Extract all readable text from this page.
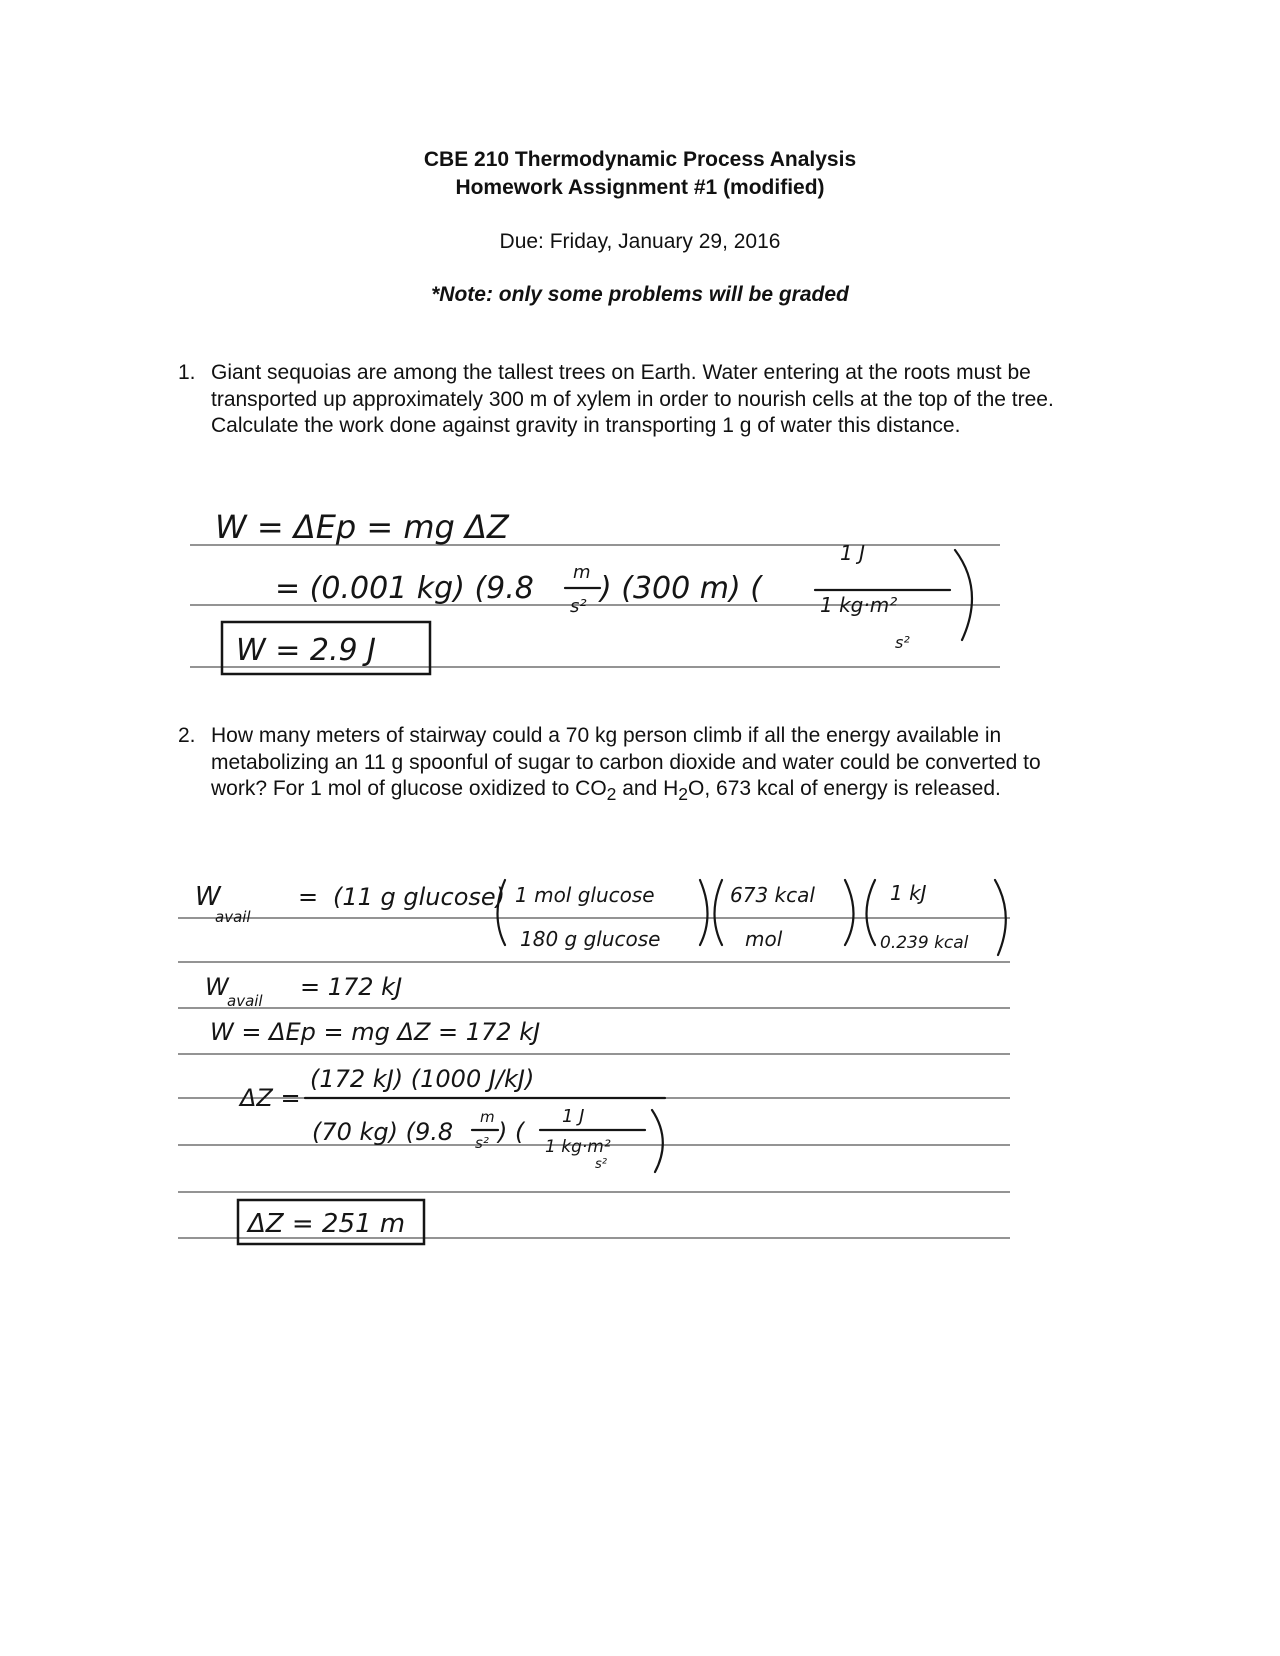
CBE 210 Thermodynamic Process Analysis
Homework Assignment #1 (modified)
Due: Friday, January 29, 2016
*Note: only some problems will be graded
1. Giant sequoias are among the tallest trees on Earth. Water entering at the roots must be transported up approximately 300 m of xylem in order to nourish cells at the top of the tree. Calculate the work done against gravity in transporting 1 g of water this distance.
2. How many meters of stairway could a 70 kg person climb if all the energy available in metabolizing an 11 g spoonful of sugar to carbon dioxide and water could be converted to work? For 1 mol of glucose oxidized to $CO_2$ and $H_2O$, 673 kcal of energy is released.
W = ΔEp = mg ΔZ
= (0.001 kg) (9.8 m
s²
) (300 m) (
1 J
1 kg·m²
s²
W = 2.9 J
W
avail
= (11 g glucose) 1 mol glucose
180 g glucose
673 kcal
mol
1 kJ
0.239 kcal
W
avail = 172 kJ
W = ΔEp = mg ΔZ = 172 kJ
ΔZ =
(172 kJ) (1000 J/kJ)
(70 kg) (9.8
m
s² ) (
1 J
1 kg·m²
s²
ΔZ = 251 m
